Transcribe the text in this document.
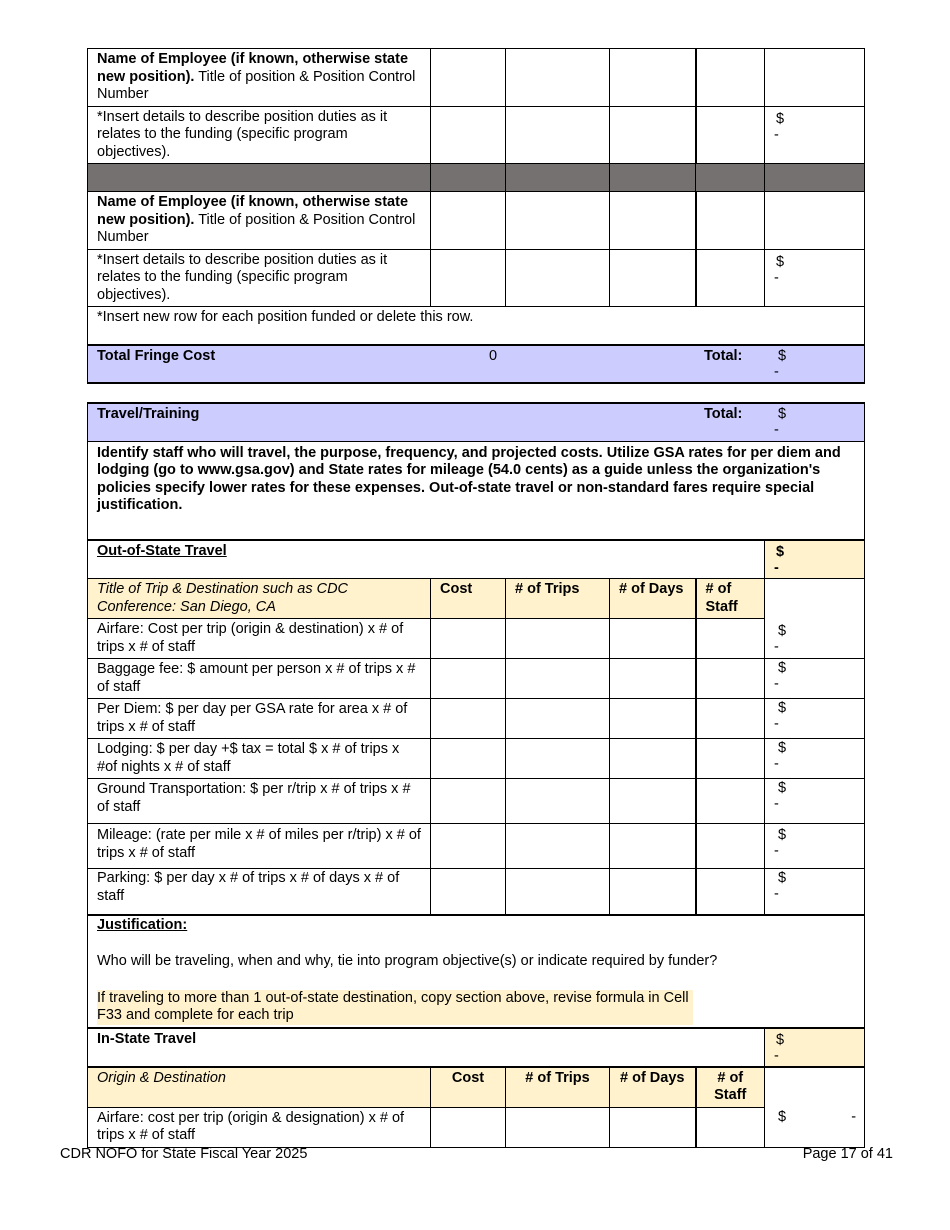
Name of Employee (if known, otherwise state new position). Title of position & Position Control Number					
*Insert details to describe position duties as it relates to the funding (specific program objectives).					$
-

Name of Employee (if known, otherwise state new position). Title of position & Position Control Number					
*Insert details to describe position duties as it relates to the funding (specific program objectives).					$
-

*Insert new row for each position funded or delete this row.					

Total Fringe Cost 0 Total: $
-					
Travel/Training Total: $
-					

Identify staff who will travel, the purpose, frequency, and projected costs. Utilize GSA rates for per diem and lodging (go to www.gsa.gov) and State rates for mileage (54.0 cents) as a guide unless the organization's policies specify lower rates for these expenses. Out-of-state travel or non-standard fares require special justification.					
Out-of-State Travel					$
-

Title of Trip & Destination such as CDC Conference: San Diego, CA	Cost	# of Trips	# of Days	# of Staff	
Airfare: Cost per trip (origin & destination) x # of trips x # of staff					$
-

Baggage fee: $ amount per person x # of trips x # of staff					$
-

Per Diem: $ per day per GSA rate for area x # of trips x # of staff					$
-

Lodging: $ per day +$ tax = total $ x # of trips x #of nights x # of staff					$
-

Ground Transportation: $ per r/trip x # of trips x # of staff					$
-

Mileage: (rate per mile x # of miles per r/trip) x # of trips x # of staff					$
-

Parking: $ per day x # of trips x # of days x # of staff					$
-

Justification:
Who will be traveling, when and why, tie into program objective(s) or indicate required by funder?
If traveling to more than 1 out-of-state destination, copy section above, revise formula in Cell F33 and complete for each trip					

In-State Travel					$
-

Origin & Destination	Cost	# of Trips	# of Days	# of Staff	
Airfare: cost per trip (origin & designation) x # of trips x # of staff					$ -
CDR NOFO for State Fiscal Year 2025	Page 17 of 41
